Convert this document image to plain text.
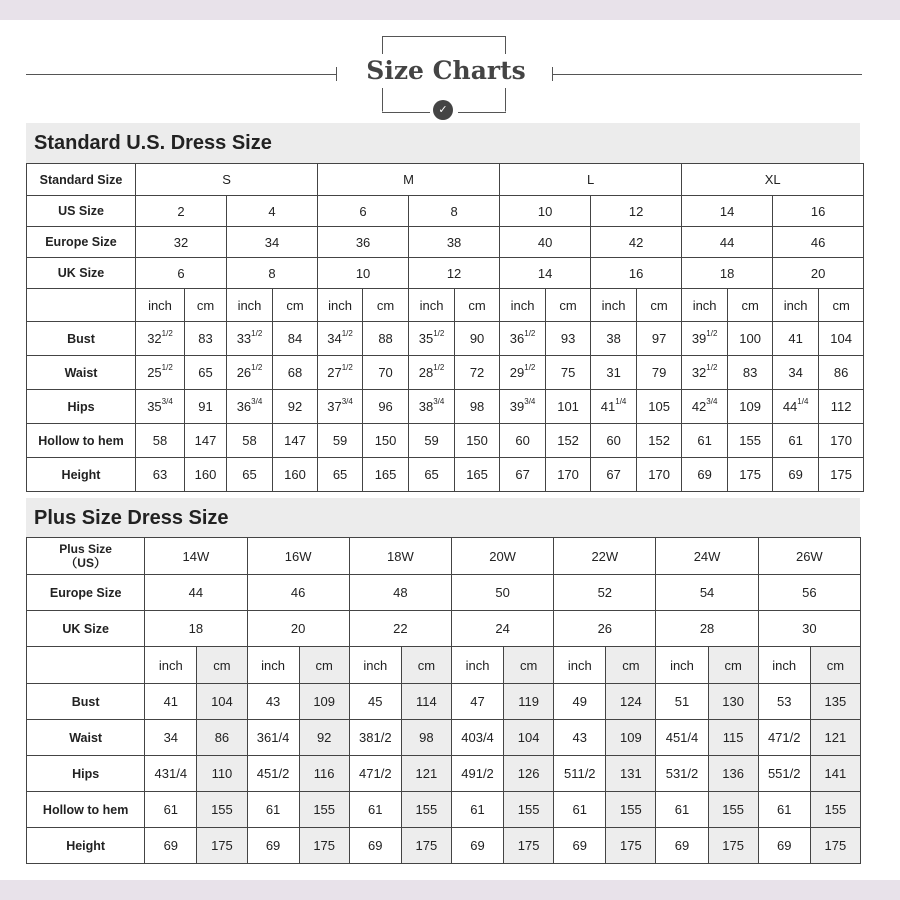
Size Charts
✓
Standard U.S. Dress Size
Standard Size	S				M				L				XL			
US Size	2		4		6		8		10		12		14		16	
Europe Size	32		34		36		38		40		42		44		46	
UK Size	6		8		10		12		14		16		18		20	
	inch	cm	inch	cm	inch	cm	inch	cm	inch	cm	inch	cm	inch	cm	inch	cm
Bust	$32^{1/2}$	83	$33^{1/2}$	84	$34^{1/2}$	88	$35^{1/2}$	90	$36^{1/2}$	93	38	97	$39^{1/2}$	100	41	104
Waist	$25^{1/2}$	65	$26^{1/2}$	68	$27^{1/2}$	70	$28^{1/2}$	72	$29^{1/2}$	75	31	79	$32^{1/2}$	83	34	86
Hips	$35^{3/4}$	91	$36^{3/4}$	92	$37^{3/4}$	96	$38^{3/4}$	98	$39^{3/4}$	101	$41^{1/4}$	105	$42^{3/4}$	109	$44^{1/4}$	112
Hollow to hem	58	147	58	147	59	150	59	150	60	152	60	152	61	155	61	170
Height	63	160	65	160	65	165	65	165	67	170	67	170	69	175	69	175
Plus Size Dress Size
Plus Size
（US）	14W		16W		18W		20W		22W		24W		26W	
Europe Size	44		46		48		50		52		54		56	
UK Size	18		20		22		24		26		28		30	
	inch	cm	inch	cm	inch	cm	inch	cm	inch	cm	inch	cm	inch	cm
Bust	41	104	43	109	45	114	47	119	49	124	51	130	53	135
Waist	34	86	361/4	92	381/2	98	403/4	104	43	109	451/4	115	471/2	121
Hips	431/4	110	451/2	116	471/2	121	491/2	126	511/2	131	531/2	136	551/2	141
Hollow to hem	61	155	61	155	61	155	61	155	61	155	61	155	61	155
Height	69	175	69	175	69	175	69	175	69	175	69	175	69	175
